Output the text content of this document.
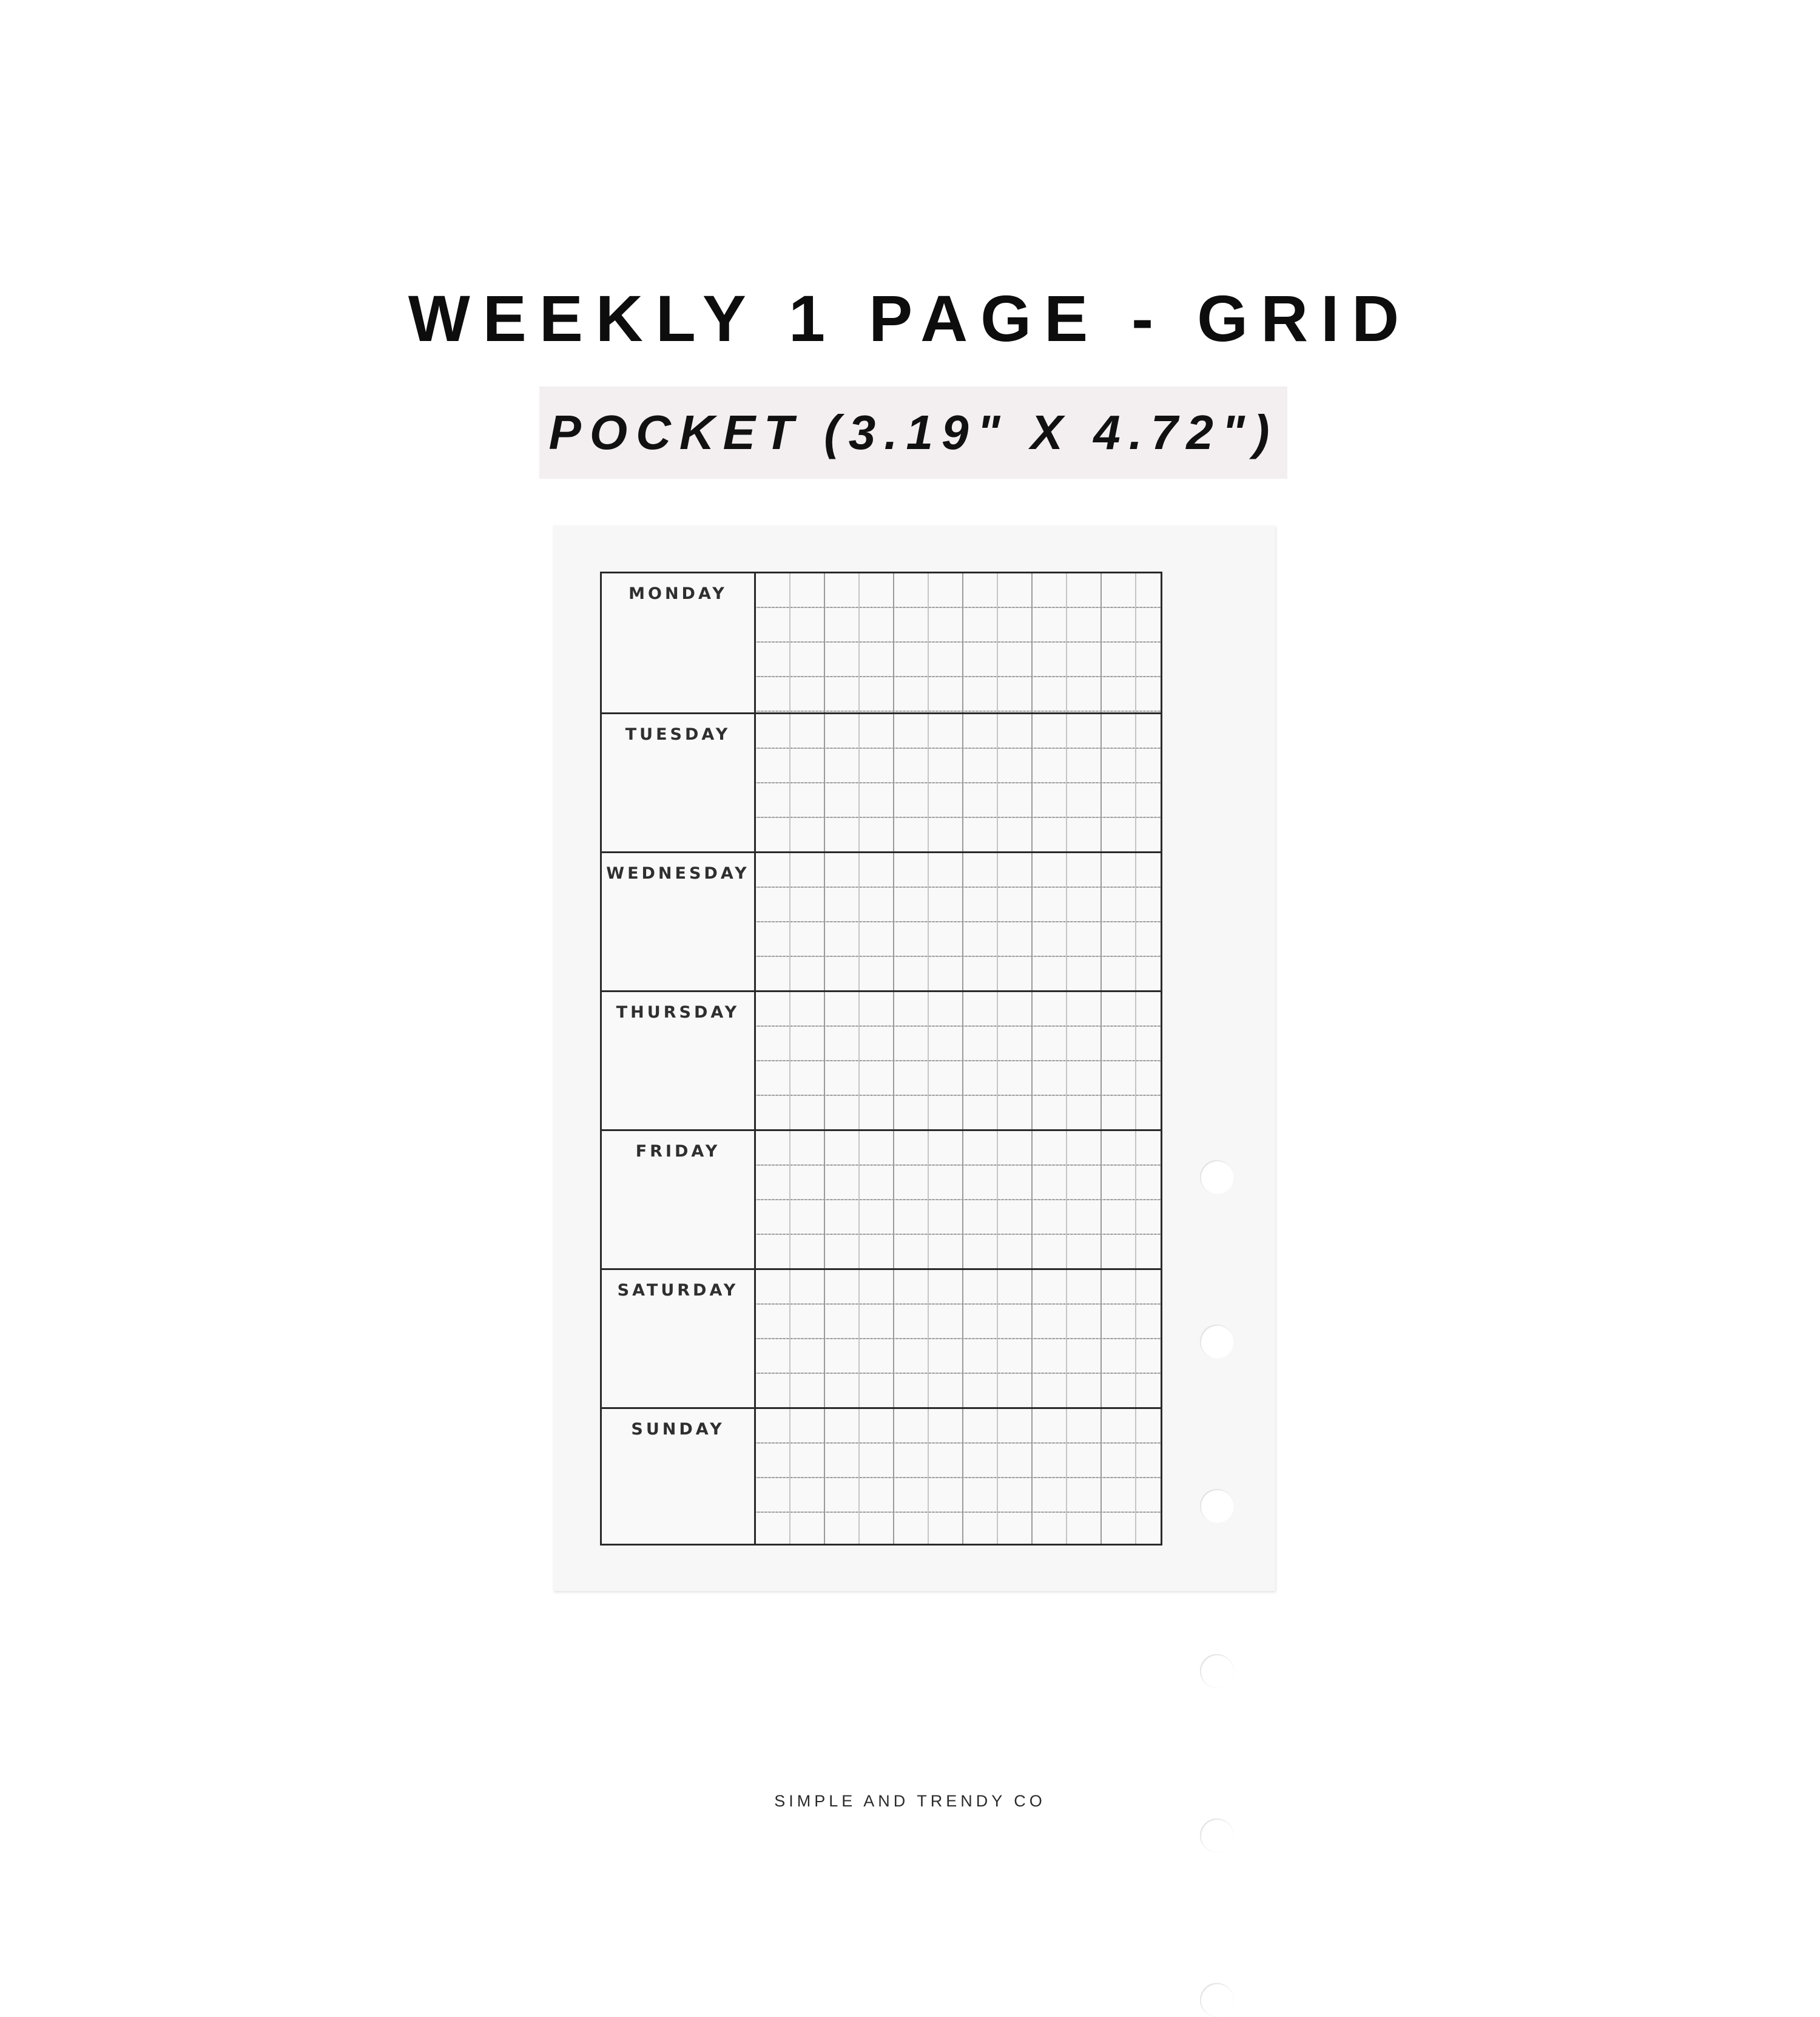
WEEKLY 1 PAGE - GRID
POCKET (3.19" X 4.72")
MONDAY
TUESDAY
WEDNESDAY
THURSDAY
FRIDAY
SATURDAY
SUNDAY
SIMPLE AND TRENDY CO
